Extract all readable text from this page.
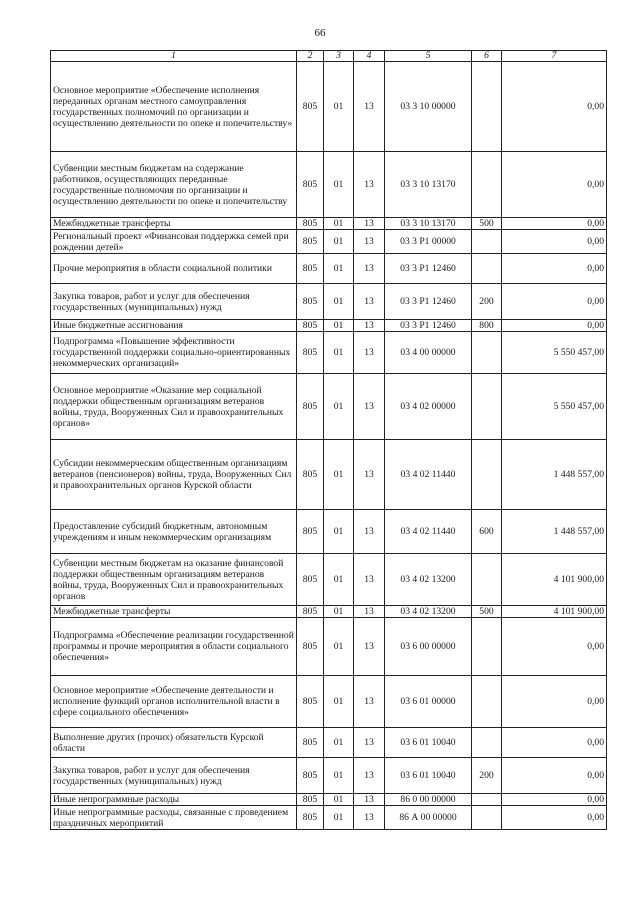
66
1	2	3	4	5	6	7
Основное мероприятие «Обеспечение исполнения переданных органам местного самоуправления государственных полномочий по организации и осуществлению деятельности по опеке и попечительству»	805	01	13	03 3 10 00000		0,00
Субвенции местным бюджетам на содержание работников, осуществляющих переданные государственные полномочия по организации и осуществлению деятельности по опеке и попечительству	805	01	13	03 3 10 13170		0,00
Межбюджетные трансферты	805	01	13	03 3 10 13170	500	0,00
Региональный проект «Финансовая поддержка семей при рождении детей»	805	01	13	03 3 P1 00000		0,00
Прочие мероприятия в области социальной политики	805	01	13	03 3 P1 12460		0,00
Закупка товаров, работ и услуг для обеспечения государственных (муниципальных) нужд	805	01	13	03 3 P1 12460	200	0,00
Иные бюджетные ассигнования	805	01	13	03 3 P1 12460	800	0,00
Подпрограмма «Повышение эффективности государственной поддержки социально-ориентированных некоммерческих организаций»	805	01	13	03 4 00 00000		5 550 457,00
Основное мероприятие «Оказание мер социальной поддержки общественным организациям ветеранов войны, труда, Вооруженных Сил и правоохранительных органов»	805	01	13	03 4 02 00000		5 550 457,00
Субсидии некоммерческим общественным организациям ветеранов (пенсионеров) войны, труда, Вооруженных Сил и правоохранительных органов Курской области	805	01	13	03 4 02 11440		1 448 557,00
Предоставление субсидий бюджетным, автономным учреждениям и иным некоммерческим организациям	805	01	13	03 4 02 11440	600	1 448 557,00
Субвенции местным бюджетам на оказание финансовой поддержки общественным организациям ветеранов войны, труда, Вооруженных Сил и правоохранительных органов	805	01	13	03 4 02 13200		4 101 900,00
Межбюджетные трансферты	805	01	13	03 4 02 13200	500	4 101 900,00
Подпрограмма «Обеспечение реализации государственной программы и прочие мероприятия в области социального обеспечения»	805	01	13	03 6 00 00000		0,00
Основное мероприятие «Обеспечение деятельности и исполнение функций органов исполнительной власти в сфере социального обеспечения»	805	01	13	03 6 01 00000		0,00
Выполнение других (прочих) обязательств Курской области	805	01	13	03 6 01 10040		0,00
Закупка товаров, работ и услуг для обеспечения государственных (муниципальных) нужд	805	01	13	03 6 01 10040	200	0,00
Иные непрограммные расходы	805	01	13	86 0 00 00000		0,00
Иные непрограммные расходы, связанные с проведением праздничных мероприятий	805	01	13	86 А 00 00000		0,00
